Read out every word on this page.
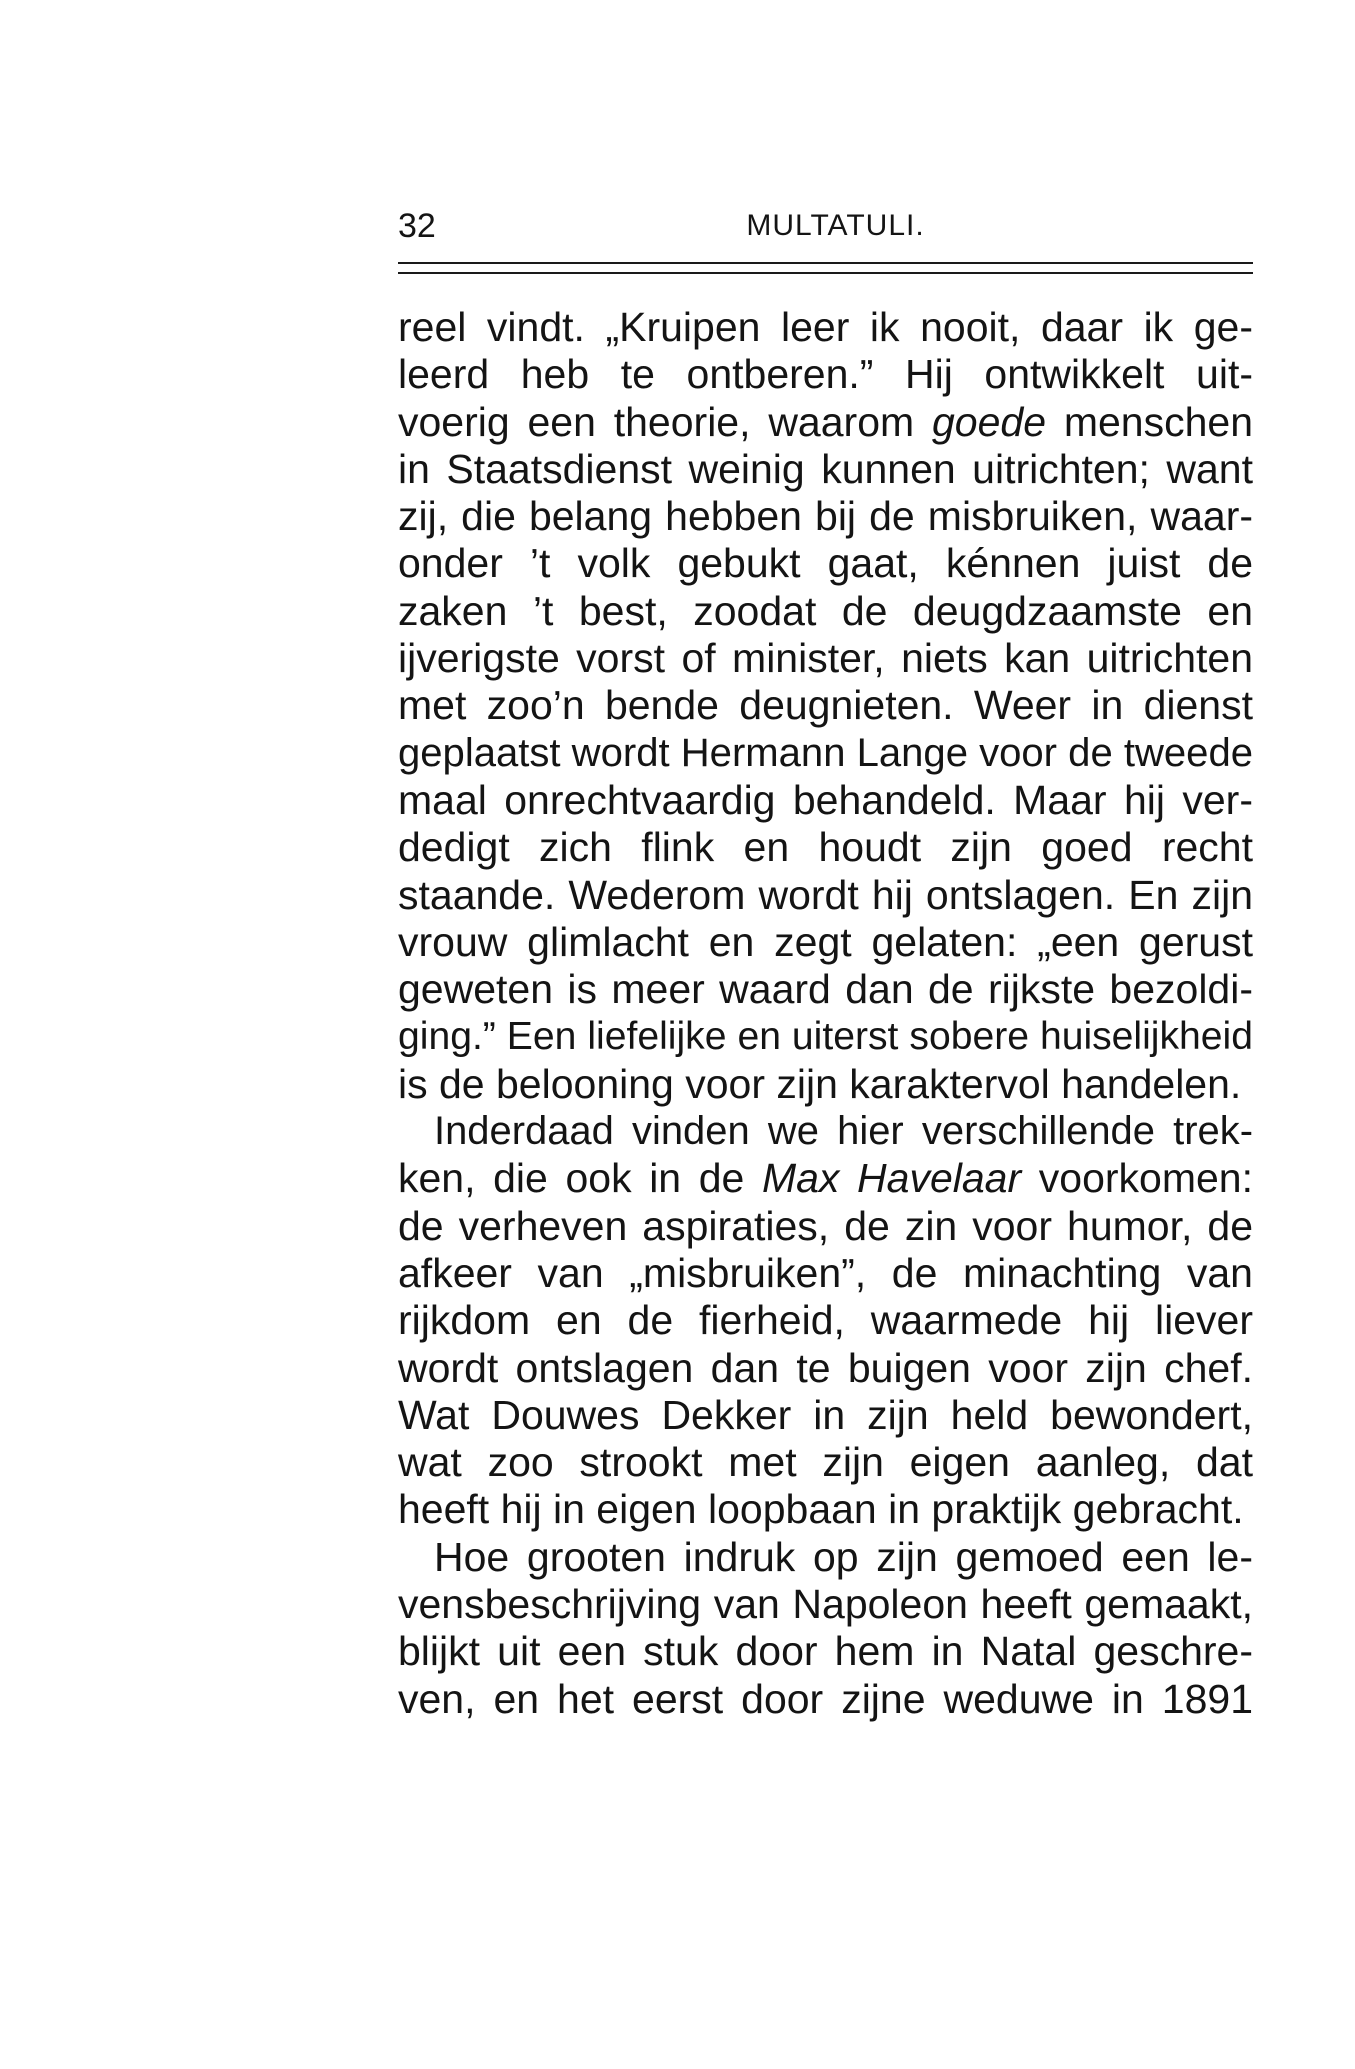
32	MULTATULI.
reel vindt. „Kruipen leer ik nooit, daar ik ge-
leerd heb te ontberen.” Hij ontwikkelt uit-
voerig een theorie, waarom goede menschen
in Staatsdienst weinig kunnen uitrichten; want
zij, die belang hebben bij de misbruiken, waar-
onder ’t volk gebukt gaat, kénnen juist de
zaken ’t best, zoodat de deugdzaamste en
ijverigste vorst of minister, niets kan uitrichten
met zoo’n bende deugnieten. Weer in dienst
geplaatst wordt Hermann Lange voor de tweede
maal onrechtvaardig behandeld. Maar hij ver-
dedigt zich flink en houdt zijn goed recht
staande. Wederom wordt hij ontslagen. En zijn
vrouw glimlacht en zegt gelaten: „een gerust
geweten is meer waard dan de rijkste bezoldi-
ging.” Een liefelijke en uiterst sobere huiselijkheid
is de belooning voor zijn karaktervol handelen.
Inderdaad vinden we hier verschillende trek-
ken, die ook in de Max Havelaar voorkomen:
de verheven aspiraties, de zin voor humor, de
afkeer van „misbruiken”, de minachting van
rijkdom en de fierheid, waarmede hij liever
wordt ontslagen dan te buigen voor zijn chef.
Wat Douwes Dekker in zijn held bewondert,
wat zoo strookt met zijn eigen aanleg, dat
heeft hij in eigen loopbaan in praktijk gebracht.
Hoe grooten indruk op zijn gemoed een le-
vensbeschrijving van Napoleon heeft gemaakt,
blijkt uit een stuk door hem in Natal geschre-
ven, en het eerst door zijne weduwe in 1891
